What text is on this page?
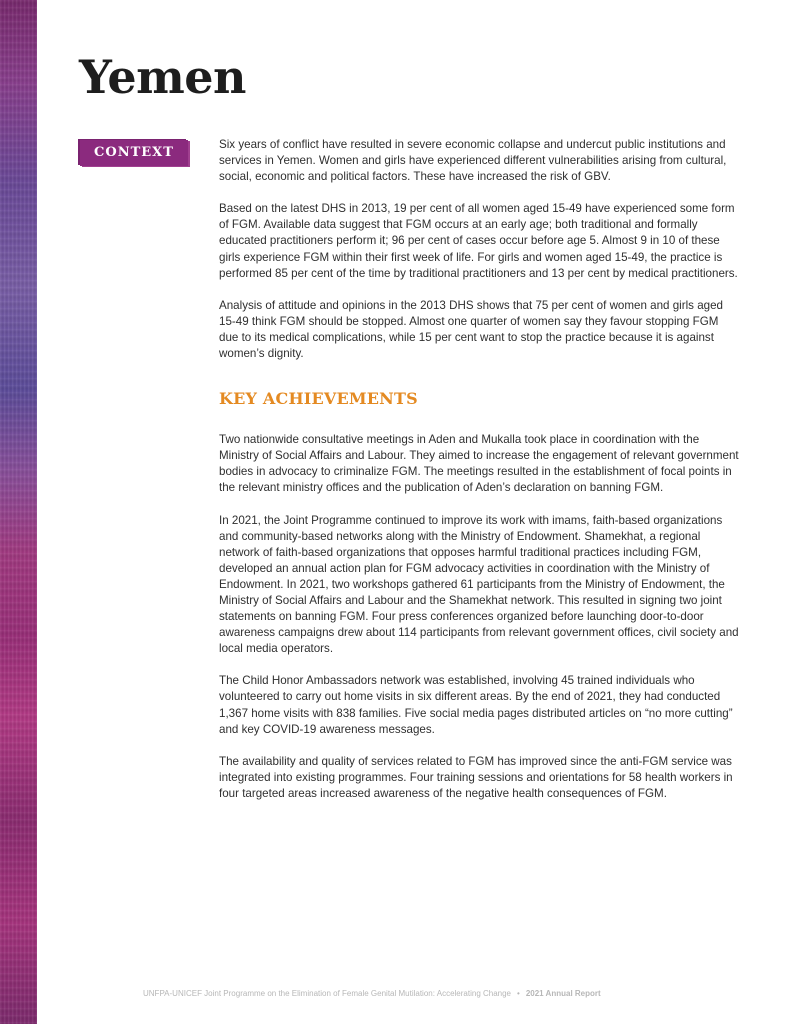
Yemen
CONTEXT

Six years of conflict have resulted in severe economic collapse and undercut public institutions and services in Yemen. Women and girls have experienced different vulnerabilities arising from cultural, social, economic and political factors. These have increased the risk of GBV.

Based on the latest DHS in 2013, 19 per cent of all women aged 15-49 have experienced some form of FGM. Available data suggest that FGM occurs at an early age; both traditional and formally educated practitioners perform it; 96 per cent of cases occur before age 5. Almost 9 in 10 of these girls experience FGM within their first week of life. For girls and women aged 15-49, the practice is performed 85 per cent of the time by traditional practitioners and 13 per cent by medical practitioners.

Analysis of attitude and opinions in the 2013 DHS shows that 75 per cent of women and girls aged 15-49 think FGM should be stopped. Almost one quarter of women say they favour stopping FGM due to its medical complications, while 15 per cent want to stop the practice because it is against women’s dignity.

KEY ACHIEVEMENTS

Two nationwide consultative meetings in Aden and Mukalla took place in coordination with the Ministry of Social Affairs and Labour. They aimed to increase the engagement of relevant government bodies in advocacy to criminalize FGM. The meetings resulted in the establishment of focal points in the relevant ministry offices and the publication of Aden’s declaration on banning FGM.

In 2021, the Joint Programme continued to improve its work with imams, faith-based organizations and community-based networks along with the Ministry of Endowment. Shamekhat, a regional network of faith-based organizations that opposes harmful traditional practices including FGM, developed an annual action plan for FGM advocacy activities in coordination with the Ministry of Endowment. In 2021, two workshops gathered 61 participants from the Ministry of Endowment, the Ministry of Social Affairs and Labour and the Shamekhat network. This resulted in signing two joint statements on banning FGM. Four press conferences organized before launching door-to-door awareness campaigns drew about 114 participants from relevant government offices, civil society and local media operators.

The Child Honor Ambassadors network was established, involving 45 trained individuals who volunteered to carry out home visits in six different areas. By the end of 2021, they had conducted 1,367 home visits with 838 families. Five social media pages distributed articles on “no more cutting” and key COVID-19 awareness messages.

The availability and quality of services related to FGM has improved since the anti-FGM service was integrated into existing programmes. Four training sessions and orientations for 58 health workers in four targeted areas increased awareness of the negative health consequences of FGM.

UNFPA-UNICEF Joint Programme on the Elimination of Female Genital Mutilation: Accelerating Change • 2021 Annual Report
